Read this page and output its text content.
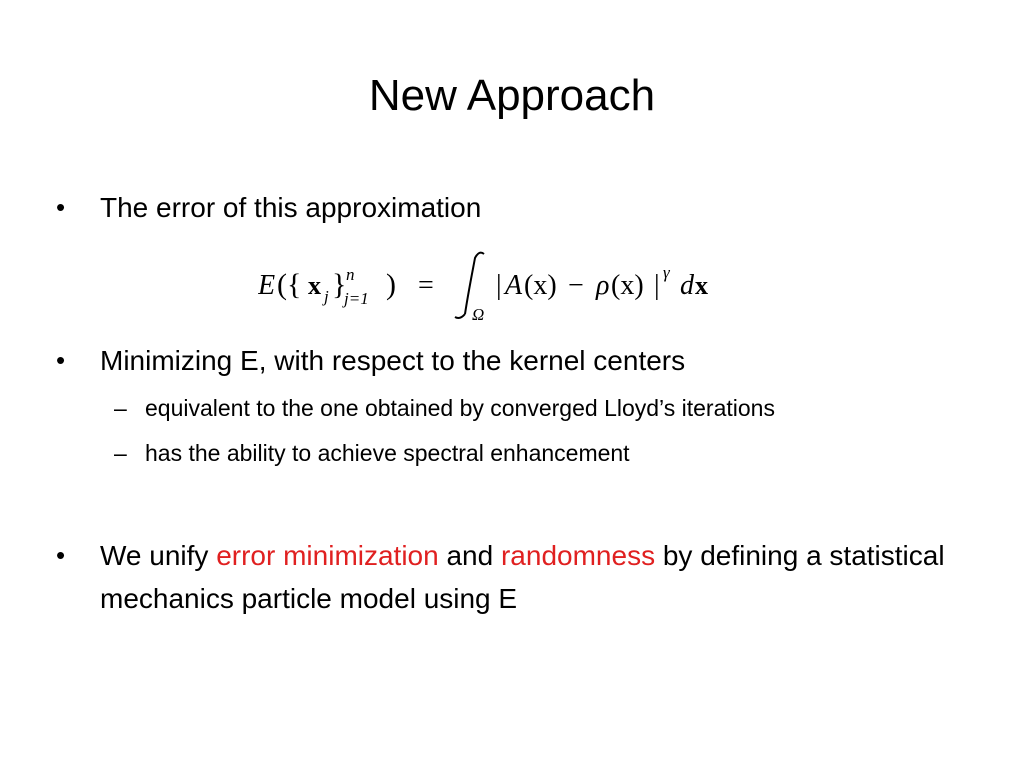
New Approach
• The error of this approximation
E ({ x j } n
j=1 ) =
Ω
| A (x) − ρ (x) | γ d x
• Minimizing E, with respect to the kernel centers
– equivalent to the one obtained by converged Lloyd’s iterations
– has the ability to achieve spectral enhancement
• We unify error minimization and randomness by defining a statistical mechanics particle model using E
